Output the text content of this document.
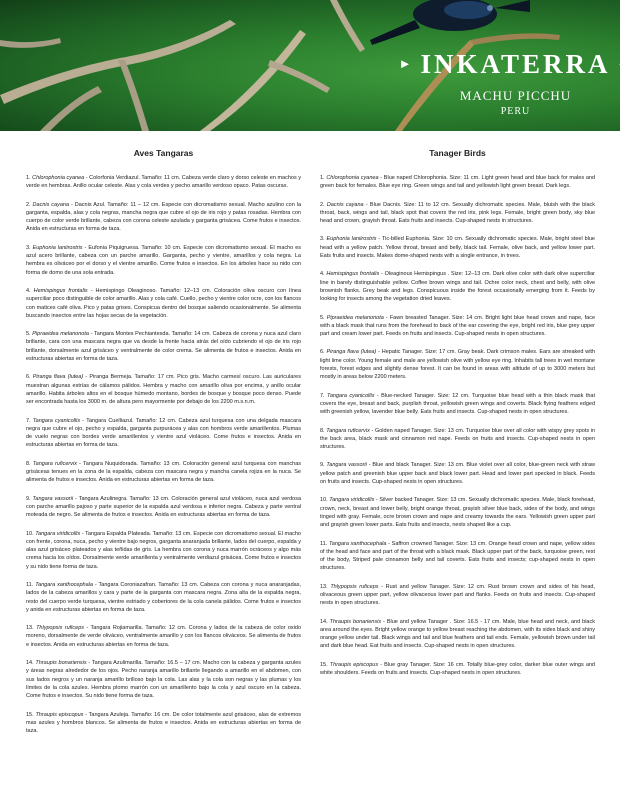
► INKATERRA ◄
MACHU PICCHU
PERU
Aves Tangaras

1. Chlorophonia cyanea - Colorfonia Verdiazul. Tamaño: 11 cm. Cabeza verde claro y dorso celeste en machos y verde en hembras. Anillo ocular celeste. Alas y cola verdes y pecho amarillo verdoso opaco. Patas oscuras.

2. Dacnis cayana - Dacnis Azul. Tamaño: 11 – 12 cm. Especie con dicromatismo sexual. Macho azulino con la garganta, espalda, alas y cola negras, mancha negra que cubre el ojo de iris rojo y patas rosadas. Hembra con cuerpo de color verde brillante, cabeza con corona celeste azulada y garganta grisácea. Come frutos e insectos. Anida en estructuras en forma de taza.

3. Euphonia laniirostris - Eufonia Piquigruesa. Tamaño: 10 cm. Especie con dicromatismo sexual. El macho es azul acero brillante, cabeza con un parche amarillo. Garganta, pecho y vientre, amarillos y cola negra. La hembra es oliváceo por el dorso y el vientre amarillo. Come frutos e insectos. En los árboles hace su nido con forma de domo de una sola entrada.

4. Hemispingus frontalis - Hemispingo Oleaginoso. Tamaño: 12–13 cm. Coloración oliva oscuro con línea superciliar poco distinguible de color amarillo. Alas y cola café. Cuello, pecho y vientre color ocre, con los flancos con matices café oliva. Pico y patas grises. Conspicua dentro del bosque saliendo ocasionalmente. Se alimenta buscando insectos entre las hojas secas de la vegetación.

5. Pipraeidea melanonota - Tangara Montes Pechiantesda. Tamaño: 14 cm. Cabeza de corona y nuca azul claro brillante, cara con una mascara negra que va desde la frente hacia atrás del oído cubriendo el ojo de iris rojo brillante, dorsalmente azul grisáceo y ventralmente de color crema. Se alimenta de frutos e insectos. Anida en estructuras abiertas en forma de taza.

6. Piranga flava (lutea) - Piranga Bermeja. Tamaño: 17 cm. Pico gris. Macho carmesí oscuro. Las auriculares muestran algunas estrías de cálamos pálidos. Hembra y macho con amarillo oliva por encima, y anillo ocular amarillo. Habita árboles altos en el bosque húmedo montano, bordes de bosque y bosque poco denso. Puede ser encontrada hasta los 3000 m. de altura pero mayormente por debajo de los 2200 m.s.n.m.

7. Tangara cyanicollis - Tangara Cuelliazul. Tamaño: 12 cm. Cabeza azul turquesa con una delgada mascara negra que cubre el ojo, pecho y espalda, garganta purpurácea y alas con hombros verde amarillentos. Plumas de vuelo negras con bordes verde amarillentos y vientre azul violáceo. Come frutos e insectos. Anida en estructuras abiertas en forma de taza.

8. Tangara ruficervix - Tangara Nuquidorada. Tamaño: 13 cm. Coloración general azul turquesa con manchas grisáceas tenues en la zona de la espalda, cabeza con mascara negra y mancha canela rojiza en la nuca. Se alimenta de frutos e insectos. Anida en estructuras abiertas en forma de taza.

9. Tangara vassorii - Tangara Azulinegra. Tamaño: 13 cm. Coloración general azul violáceo, nuca azul verdosa con parche amarillo pajoso y parte superior de la espalda azul verdosa e inferior negra. Cabeza y parte ventral moteada de negro. Se alimenta de frutos e insectos. Anida en estructuras abiertas en forma de taza.

10. Tangara viridicollis - Tangara Espalda Plateada. Tamaño: 13 cm. Especie con dicromatismo sexual. El macho con frente, corona, nuca, pecho y vientre bajo negros, garganta anaranjada brillante, lados del cuerpo, espalda y alas azul grisáceo plateados y alas teñidas de gris. La hembra con corona y nuca marrón ocráceos y algo más crema hacia los oídos. Dorsalmente verde amarillenta y ventralmente verdiazul grisácea. Come frutos e insectos y su nido tiene forma de taza.

11. Tangara xanthocephala - Tangara Coroniazafran. Tamaño: 13 cm. Cabeza con corona y nuca anaranjadas, lados de la cabeza amarillos y cara y parte de la garganta con mascara negra. Zona alta de la espalda negra, resto del cuerpo verde turquesa, vientre estriado y cobertores de la cola canela pálidos. Come frutos e insectos y anida en estructuras abiertas en forma de taza.

13. Thlypopsis ruficeps - Tangara Rojiamarilla. Tamaño: 12 cm. Corona y lados de la cabeza de color oxido moreno, dorsalmente de verde oliváceo, ventralmente amarillo y con los flancos oliváceos. Se alimenta de frutos e insectos. Anida en estructuras abiertas en forma de taza.

14. Thraupis bonariensis - Tangara Azulimarilla. Tamaño: 16.5 – 17 cm. Macho con la cabeza y garganta azules y áreas negras alrededor de los ojos. Pecho naranja amarillo brillante llegando a amarillo en el abdomen, con sus lados negros y un naranja amarillo brilloso bajo la cola. Las alas y la cola son negras y las plumas y los límites de la cola azules. Hembra plomo marrón con un amarillento bajo la cola y azul oscuro en la cabeza. Come frutos e insectos. Su nido tiene forma de taza.

15. Thraupis episcopus - Tangara Azuleja. Tamaño: 16 cm. De color totalmente azul grisáceo, alas de extremos mas azules y hombros blancos. Se alimenta de frutos e insectos. Anida en estructuras abiertas en forma de taza.

Tanager Birds

1. Chlorophonia cyanea - Blue naped Chlorophonia. Size: 11 cm. Light green head and blue back for males and green back for females. Blue eye ring. Green wings and tail and yellowish light green breast. Dark legs.

2. Dacnis cayana - Blue Dacnis. Size: 11 to 12 cm. Sexually dichromatic species. Male, bluish with the black throat, back, wings and tail, black spot that covers the red iris, pink legs. Female, bright green body, sky blue head and crown, grayish throat. Eats fruits and insects. Cup-shaped nests in structures.

3. Euphonia laniirostris - Tic-billed Euphonia. Size: 10 cm. Sexually dichromatic species. Male, bright steel blue head with a yellow patch. Yellow throat, breast and belly, black tail. Female, olive back, and yellow lower part. Eats fruits and insects. Makes dome-shaped nests with a single entrance, in trees.

4. Hemispingus frontalis - Oleaginous Hemispingus . Size: 12–13 cm. Dark olive color with dark olive superciliar line in barely distinguishable yellow. Coffee brown wings and tail. Ochre color neck, chest and belly, with olive brownish flanks. Grey beak and legs. Conspicuous inside the forest occasionally emerging from it. Feeds by looking for insects among the vegetation dried leaves.

5. Pipraeidea melanonota - Fawn breasted Tanager. Size: 14 cm. Bright light blue head crown and nape, face with a black mask that runs from the forehead to back of the ear covering the eye, bright red iris, blue grey upper part and cream lower part. Feeds on fruits and insects. Cup-shaped nests in open structures.

6. Piranga flava (lutea) - Hepatic Tanager. Size: 17 cm. Gray beak. Dark crimson males. Ears are streaked with light lime color. Young female and male are yellowish olive with yellow eye ring. Inhabits tall trees in wet montane forests, forest edges and slightly dense forest. It can be found in areas with altitude of up to 3000 meters but mostly in areas below 2200 meters.

7. Tangara cyanicollis - Blue-necked Tanager. Size: 12 cm. Turquoise blue head with a thin black mask that covers the eye, breast and back, purplish throat, yellowish green wings and coverts. Black flying feathers edged with greenish yellow, lavender blue belly. Eats fruits and insects. Cup-shaped nests in open structures.

8. Tangara ruficervix - Golden naped Tanager. Size: 13 cm. Turquoise blue over all color with wispy grey spots in the back area, black mask and cinnamon red nape. Feeds on fruits and insects. Cup-shaped nests in open structures.

9. Tangara vassorii - Blue and black Tanager. Size: 13 cm. Blue violet over all color, blue-green neck with straw yellow patch and greenish blue upper back and black lower part. Head and lower part specked in black. Feeds on fruits and insects. Cup-shaped nests in open structures.

10. Tangara viridicollis - Silver backed Tanager. Size: 13 cm. Sexually dichromatic species. Male, black forehead, crown, neck, breast and lower belly, bright orange throat, grayish silver blue back, sides of the body, and wings tinged with gray. Female, ocre brown crown and nape and creamy towards the ears. Yellowish green upper part and grayish green lower parts. Eats fruits and insects, nests shaped like a cup.

11. Tangara xanthocephala - Saffron crowned Tanager. Size: 13 cm. Orange head crown and nape, yellow sides of the head and face and part of the throat with a black mask. Black upper part of the back, turquoise green, rest of the body, Striped pale cinnamon belly and tail coverts. Eats fruits and insects; cup-shaped nests in open structures.

13. Thlypopsis ruficeps - Rust and yellow Tanager. Size: 12 cm. Rust brown crown and sides of his head, olivaceous green upper part, yellow olivaceous lower part and flanks. Feeds on fruits and insects. Cup-shaped nests in open structures.

14. Thraupis bonariensis - Blue and yellow Tanager . Size: 16.5 - 17 cm. Male, blue head and neck, and black area around the eyes. Bright yellow orange to yellow breast reaching the abdomen, with its sides black and shiny orange yellow under tail. Black wings and tail and blue feathers and tail ends. Female, yellowish brown under tail and dark blue head. Eat fruits and insects. Cup-shaped nests in open structures.

15. Thraupis episcopus - Blue gray Tanager. Size: 16 cm. Totally blue-grey color, darker blue outer wings and white shoulders. Feeds on fruits and insects. Cup-shaped nests in open structures.
